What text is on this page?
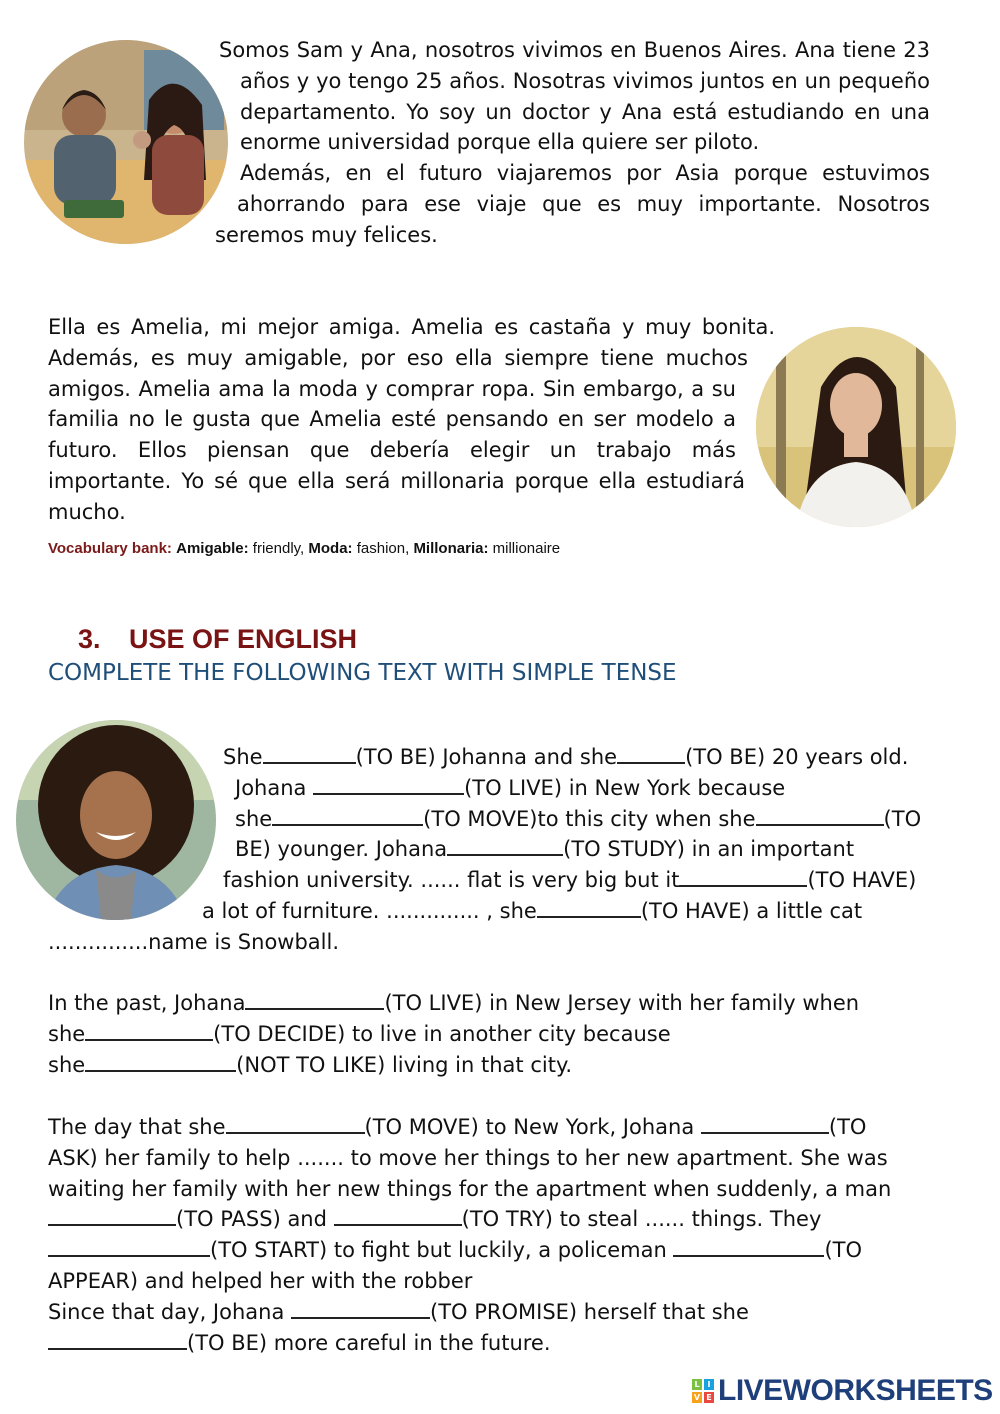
Somos Sam y Ana, nosotros vivimos en Buenos Aires. Ana tiene 23
años y yo tengo 25 años. Nosotras vivimos juntos en un pequeño
departamento. Yo soy un doctor y Ana está estudiando en una
enorme universidad porque ella quiere ser piloto.
Además, en el futuro viajaremos por Asia porque estuvimos
ahorrando para ese viaje que es muy importante. Nosotros
seremos muy felices.
Ella es Amelia, mi mejor amiga. Amelia es castaña y muy bonita.
Además, es muy amigable, por eso ella siempre tiene muchos
amigos. Amelia ama la moda y comprar ropa. Sin embargo, a su
familia no le gusta que Amelia esté pensando en ser modelo a
futuro. Ellos piensan que debería elegir un trabajo más
importante. Yo sé que ella será millonaria porque ella estudiará
mucho.
Vocabulary bank: Amigable: friendly, Moda: fashion, Millonaria: millionaire
3. USE OF ENGLISH
COMPLETE THE FOLLOWING TEXT WITH SIMPLE TENSE
She	(TO BE) Johanna and she	(TO BE) 20 years old.
Johana	(TO LIVE) in New York because
she	(TO MOVE)to this city when she	(TO
BE) younger. Johana	(TO STUDY) in an important
fashion university. ...... flat is very big but it	(TO HAVE)
a lot of furniture. .............. , she	(TO HAVE) a little cat
...............name is Snowball.
In the past, Johana	(TO LIVE) in New Jersey with her family when
she	(TO DECIDE) to live in another city because
she	(NOT TO LIKE) living in that city.
The day that she	(TO MOVE) to New York, Johana	(TO
ASK) her family to help ....... to move her things to her new apartment. She was
waiting her family with her new things for the apartment when suddenly, a man
(TO PASS) and	(TO TRY) to steal ...... things. They
(TO START) to fight but luckily, a policeman	(TO
APPEAR) and helped her with the robber
Since that day, Johana	(TO PROMISE) herself that she
(TO BE) more careful in the future.
L I
V E LIVEWORKSHEETS
